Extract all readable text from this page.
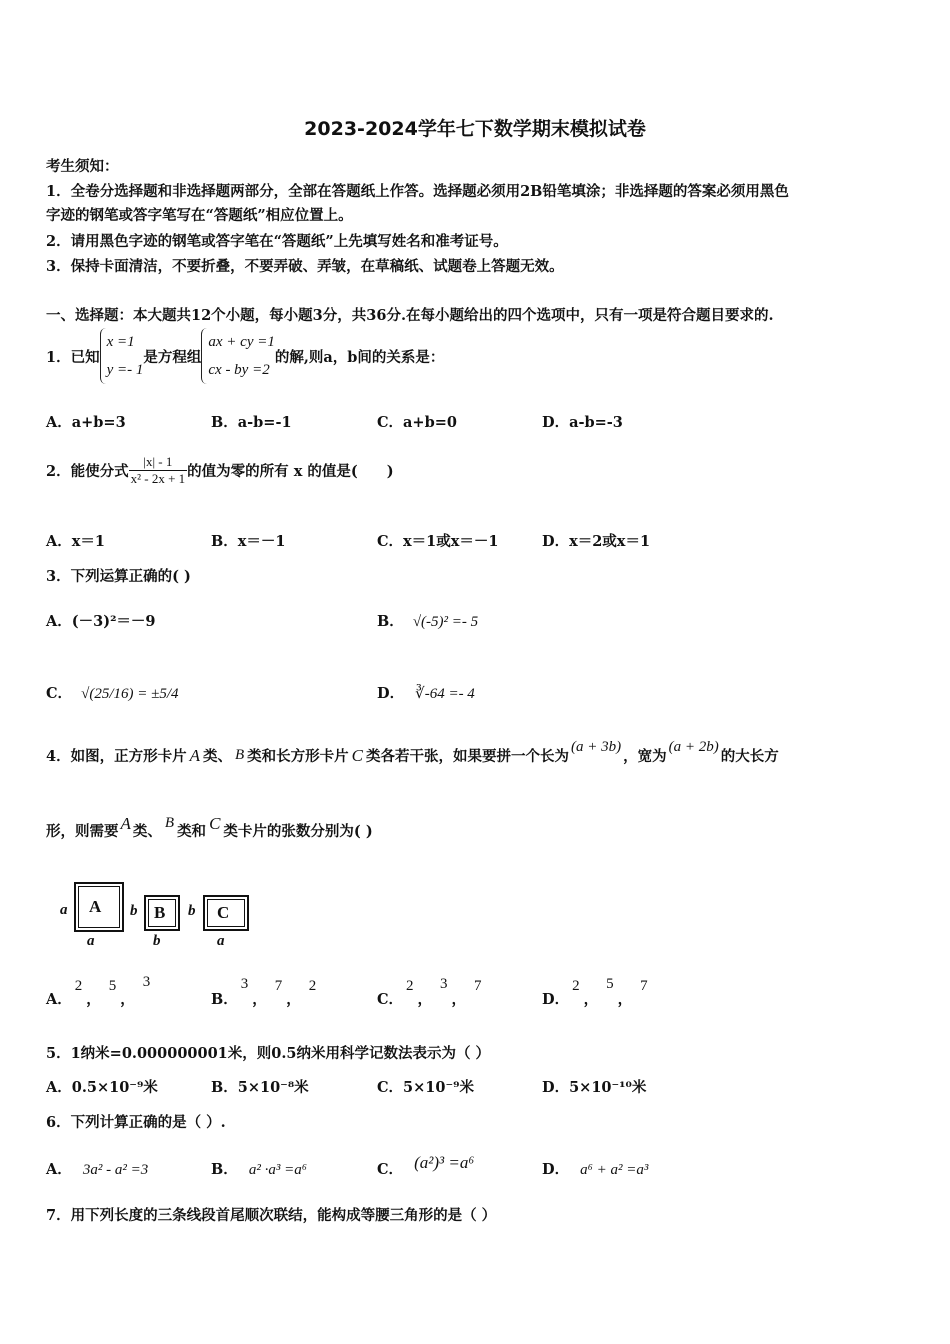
2023-2024学年七下数学期末模拟试卷
考生须知：
1．全卷分选择题和非选择题两部分，全部在答题纸上作答。选择题必须用2B铅笔填涂；非选择题的答案必须用黑色
字迹的钢笔或答字笔写在“答题纸”相应位置上。
2．请用黑色字迹的钢笔或答字笔在“答题纸”上先填写姓名和准考证号。
3．保持卡面清洁，不要折叠，不要弄破、弄皱，在草稿纸、试题卷上答题无效。
一、选择题：本大题共12个小题，每小题3分，共36分.在每小题给出的四个选项中，只有一项是符合题目要求的.
1．已知
x =1
y =- 1
是方程组
ax + cy =1
cx - by =2
的解,则a，b间的关系是：
A．a+b=3	B．a-b=-1	C．a+b=0	D．a-b=-3
2．能使分式 $\frac{|x| - 1}{\text{x² - 2x + 1}}$ 的值为零的所有 x 的值是(　　)
A．x＝1	B．x＝－1	C．x＝1或x＝－1	D．x＝2或x＝1
3．下列运算正确的( )
A．(－3)²＝－9	B． √(-5)² =- 5
C． √(25/16) = ±5/4	D． ∛-64 =- 4
4．如图，正方形卡片 A 类、 B 类和长方形卡片 C 类各若干张，如果要拼一个长为
(a + 3b)
，宽为
(a + 2b)
的大长方
形，则需要 A 类、 B 类和 C 类卡片的张数分别为( )
a A
a
b B
b
b C
a
A．
2
，
5
，
3
B．
3
，
7
，
2
C．
2
，
3
，
7
D．
2
，
5
，
7
5．1纳米=0.000000001米，则0.5纳米用科学记数法表示为（ ）
A．0.5×10⁻⁹米	B．5×10⁻⁸米	C．5×10⁻⁹米	D．5×10⁻¹⁰米
6．下列计算正确的是（ ）.
A． 3a² - a² =3	B． a² ·a³ =a⁶	C． (a²)³ =a⁶	D． a⁶ + a² =a³
7．用下列长度的三条线段首尾顺次联结，能构成等腰三角形的是（ ）
